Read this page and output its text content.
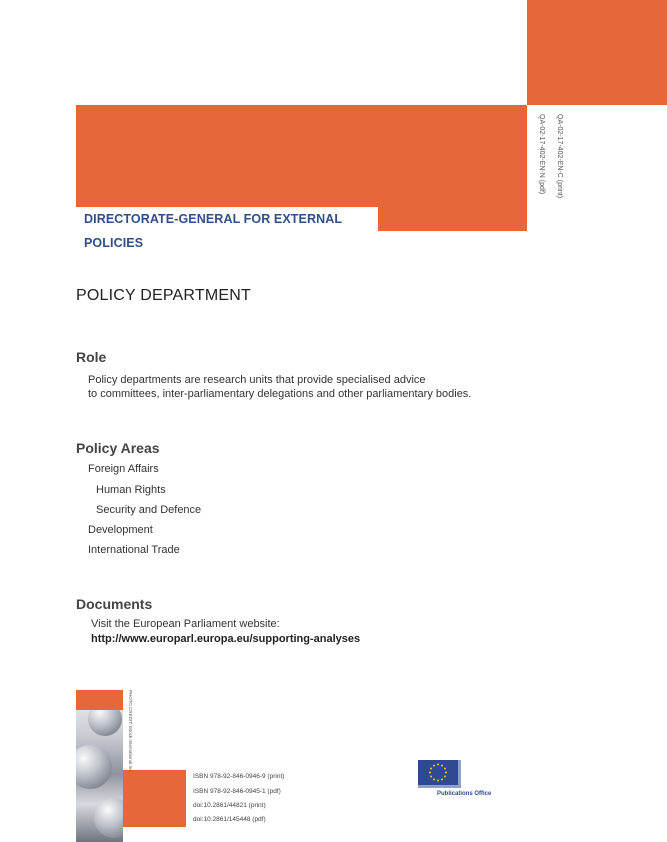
DIRECTORATE-GENERAL FOR EXTERNAL POLICIES
QA-02-17-402-EN-C (print)
QA-02-17-402-EN-N (pdf)
POLICY DEPARTMENT
Role
Policy departments are research units that provide specialised advice
to committees, inter-parliamentary delegations and other parliamentary bodies.
Policy Areas
Foreign Affairs
Human Rights
Security and Defence
Development
International Trade
Documents
Visit the European Parliament website:
http://www.europarl.europa.eu/supporting-analyses
PHOTO CREDIT: iStock International Inc.
ISBN 978-92-846-0946-9 (print)
ISBN 978-92-846-0945-1 (pdf)
doi:10.2861/44821 (print)
doi:10.2861/145448 (pdf)
Publications Office
